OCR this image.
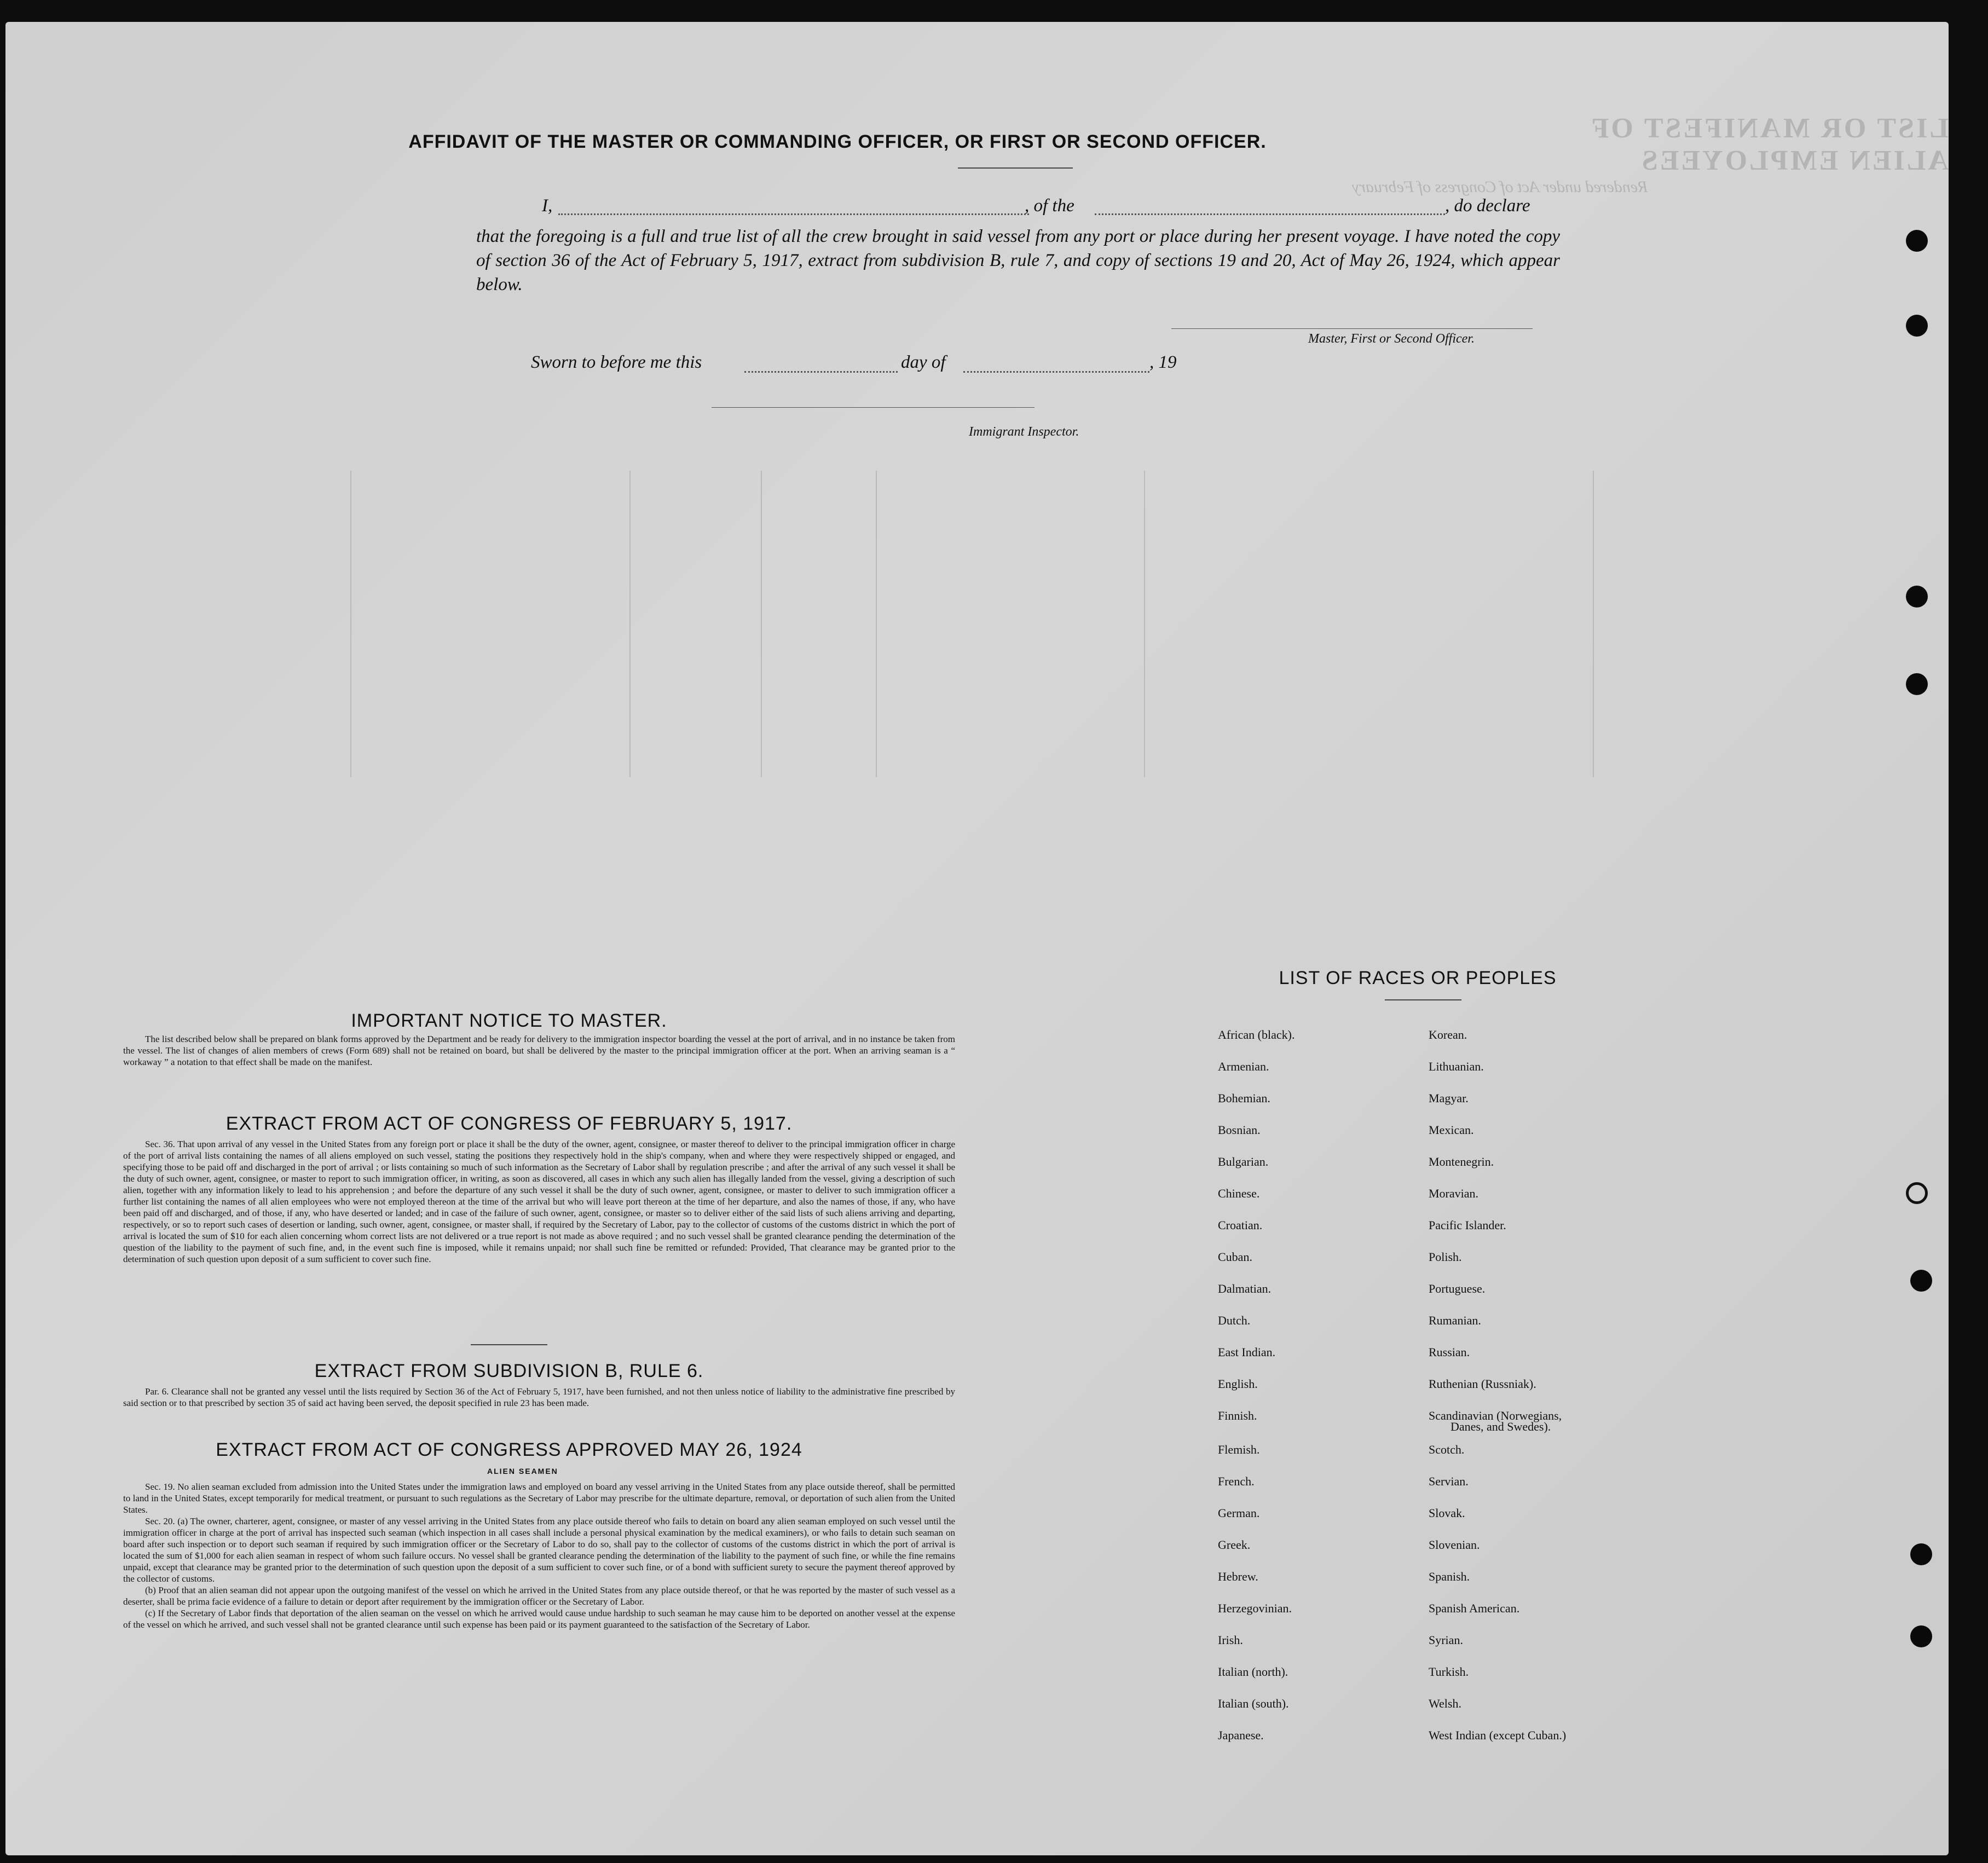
LIST OR MANIFEST OF ALIEN EMPLOYEES
Rendered under Act of Congress of February
AFFIDAVIT OF THE MASTER OR COMMANDING OFFICER, OR FIRST OR SECOND OFFICER.
I,	, of the	, do declare
that the foregoing is a full and true list of all the crew brought in said vessel from any port or place during her present voyage. I have noted the copy of section 36 of the Act of February 5, 1917, extract from subdivision B, rule 7, and copy of sections 19 and 20, Act of May 26, 1924, which appear below.
Master, First or Second Officer.
Sworn to before me this	day of	, 19
Immigrant Inspector.
IMPORTANT NOTICE TO MASTER.

The list described below shall be prepared on blank forms approved by the Department and be ready for delivery to the immigration inspector boarding the vessel at the port of arrival, and in no instance be taken from the vessel. The list of changes of alien members of crews (Form 689) shall not be retained on board, but shall be delivered by the master to the principal immigration officer at the port. When an arriving seaman is a “ workaway ” a notation to that effect shall be made on the manifest.

EXTRACT FROM ACT OF CONGRESS OF FEBRUARY 5, 1917.

Sec. 36. That upon arrival of any vessel in the United States from any foreign port or place it shall be the duty of the owner, agent, consignee, or master thereof to deliver to the principal immigration officer in charge of the port of arrival lists containing the names of all aliens employed on such vessel, stating the positions they respectively hold in the ship's company, when and where they were respectively shipped or engaged, and specifying those to be paid off and discharged in the port of arrival ; or lists containing so much of such information as the Secretary of Labor shall by regulation prescribe ; and after the arrival of any such vessel it shall be the duty of such owner, agent, consignee, or master to report to such immigration officer, in writing, as soon as discovered, all cases in which any such alien has illegally landed from the vessel, giving a description of such alien, together with any information likely to lead to his apprehension ; and before the departure of any such vessel it shall be the duty of such owner, agent, consignee, or master to deliver to such immigration officer a further list containing the names of all alien employees who were not employed thereon at the time of the arrival but who will leave port thereon at the time of her departure, and also the names of those, if any, who have been paid off and discharged, and of those, if any, who have deserted or landed; and in case of the failure of such owner, agent, consignee, or master so to deliver either of the said lists of such aliens arriving and departing, respectively, or so to report such cases of desertion or landing, such owner, agent, consignee, or master shall, if required by the Secretary of Labor, pay to the collector of customs of the customs district in which the port of arrival is located the sum of $10 for each alien concerning whom correct lists are not delivered or a true report is not made as above required ; and no such vessel shall be granted clearance pending the determination of the question of the liability to the payment of such fine, and, in the event such fine is imposed, while it remains unpaid; nor shall such fine be remitted or refunded: Provided, That clearance may be granted prior to the determination of such question upon deposit of a sum sufficient to cover such fine.

EXTRACT FROM SUBDIVISION B, RULE 6.

Par. 6. Clearance shall not be granted any vessel until the lists required by Section 36 of the Act of February 5, 1917, have been furnished, and not then unless notice of liability to the administrative fine prescribed by said section or to that prescribed by section 35 of said act having been served, the deposit specified in rule 23 has been made.

EXTRACT FROM ACT OF CONGRESS APPROVED MAY 26, 1924
ALIEN SEAMEN

Sec. 19. No alien seaman excluded from admission into the United States under the immigration laws and employed on board any vessel arriving in the United States from any place outside thereof, shall be permitted to land in the United States, except temporarily for medical treatment, or pursuant to such regulations as the Secretary of Labor may prescribe for the ultimate departure, removal, or deportation of such alien from the United States.

Sec. 20. (a) The owner, charterer, agent, consignee, or master of any vessel arriving in the United States from any place outside thereof who fails to detain on board any alien seaman employed on such vessel until the immigration officer in charge at the port of arrival has inspected such seaman (which inspection in all cases shall include a personal physical examination by the medical examiners), or who fails to detain such seaman on board after such inspection or to deport such seaman if required by such immigration officer or the Secretary of Labor to do so, shall pay to the collector of customs of the customs district in which the port of arrival is located the sum of $1,000 for each alien seaman in respect of whom such failure occurs. No vessel shall be granted clearance pending the determination of the liability to the payment of such fine, or while the fine remains unpaid, except that clearance may be granted prior to the determination of such question upon the deposit of a sum sufficient to cover such fine, or of a bond with sufficient surety to secure the payment thereof approved by the collector of customs.

(b) Proof that an alien seaman did not appear upon the outgoing manifest of the vessel on which he arrived in the United States from any place outside thereof, or that he was reported by the master of such vessel as a deserter, shall be prima facie evidence of a failure to detain or deport after requirement by the immigration officer or the Secretary of Labor.

(c) If the Secretary of Labor finds that deportation of the alien seaman on the vessel on which he arrived would cause undue hardship to such seaman he may cause him to be deported on another vessel at the expense of the vessel on which he arrived, and such vessel shall not be granted clearance until such expense has been paid or its payment guaranteed to the satisfaction of the Secretary of Labor.

LIST OF RACES OR PEOPLES
African (black).
Armenian.
Bohemian.
Bosnian.
Bulgarian.
Chinese.
Croatian.
Cuban.
Dalmatian.
Dutch.
East Indian.
English.
Finnish.
Flemish.
French.
German.
Greek.
Hebrew.
Herzegovinian.
Irish.
Italian (north).
Italian (south).
Japanese.
Korean.
Lithuanian.
Magyar.
Mexican.
Montenegrin.
Moravian.
Pacific Islander.
Polish.
Portuguese.
Rumanian.
Russian.
Ruthenian (Russniak).
Scandinavian (Norwegians,
Scotch.
Servian.
Slovak.
Slovenian.
Spanish.
Spanish American.
Syrian.
Turkish.
Welsh.
West Indian (except Cuban.)
Danes, and Swedes).
